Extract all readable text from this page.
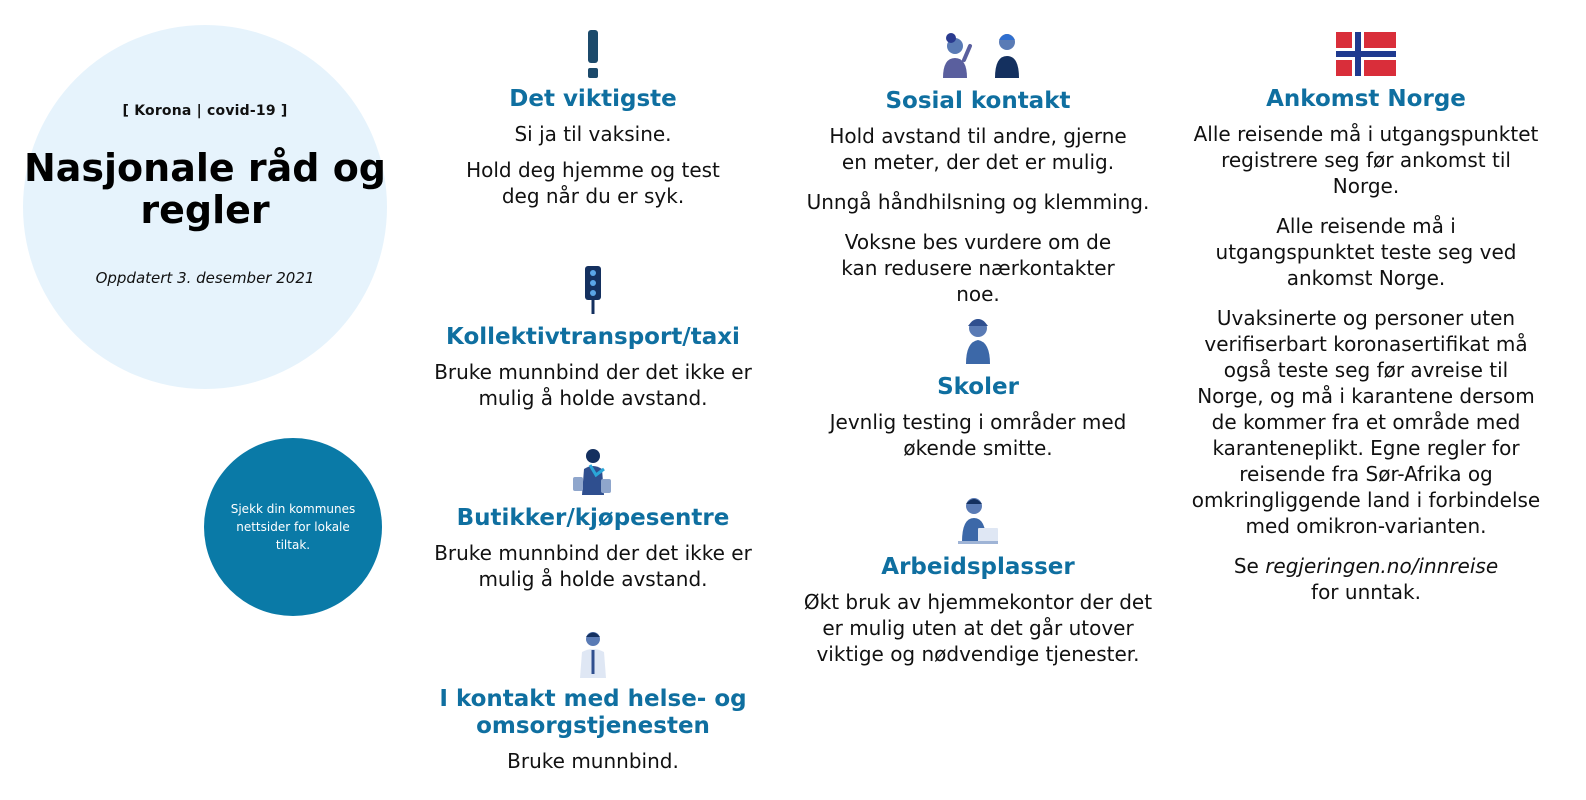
[ Korona | covid-19 ]
Nasjonale råd og regler
Oppdatert 3. desember 2021
Sjekk din kommunes nettsider for lokale tiltak.
Det viktigste

Si ja til vaksine.

Hold deg hjemme og test deg når du er syk.

Kollektivtransport/taxi

Bruke munnbind der det ikke er mulig å holde avstand.

Butikker/kjøpesentre

Bruke munnbind der det ikke er mulig å holde avstand.

I kontakt med helse- og omsorgstjenesten

Bruke munnbind.

Sosial kontakt

Hold avstand til andre, gjerne en meter, der det er mulig.

Unngå håndhilsning og klemming.

Voksne bes vurdere om de kan redusere nærkontakter noe.

Skoler

Jevnlig testing i områder med økende smitte.

Arbeidsplasser

Økt bruk av hjemmekontor der det er mulig uten at det går utover viktige og nødvendige tjenester.

Ankomst Norge

Alle reisende må i utgangspunktet registrere seg før ankomst til Norge.

Alle reisende må i utgangspunktet teste seg ved ankomst Norge.

Uvaksinerte og personer uten verifiserbart koronasertifikat må også teste seg før avreise til Norge, og må i karantene dersom de kommer fra et område med karanteneplikt. Egne regler for reisende fra Sør-Afrika og omkringliggende land i forbindelse med omikron-varianten.

Se regjeringen.no/innreise
for unntak.
